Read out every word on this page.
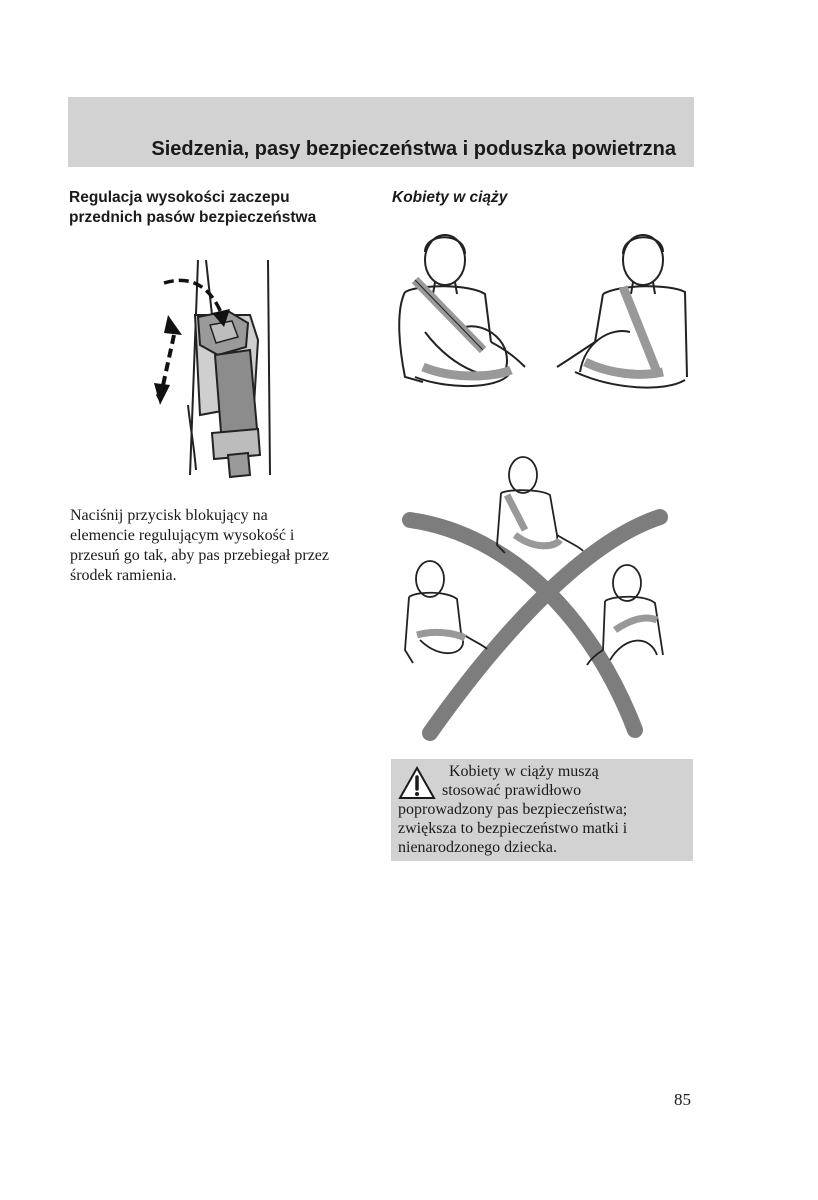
Siedzenia, pasy bezpieczeństwa i poduszka powietrzna
Regulacja wysokości zaczepu
przednich pasów bezpieczeństwa
Kobiety w ciąży
Naciśnij przycisk blokujący na
elemencie regulującym wysokość i
przesuń go tak, aby pas przebiegał przez
środek ramienia.
Kobiety w ciąży muszą
stosować prawidłowo
poprowadzony pas bezpieczeństwa;
zwiększa to bezpieczeństwo matki i
nienarodzonego dziecka.
85
